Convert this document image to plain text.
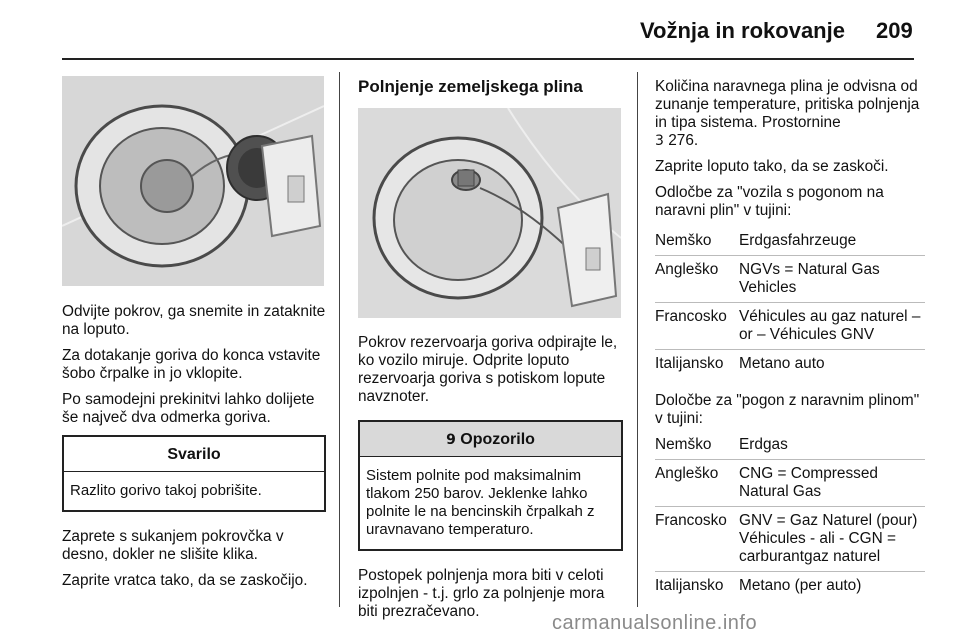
Vožnja in rokovanje 209

Odvijte pokrov, ga snemite in zataknite na loputo.

Za dotakanje goriva do konca vstavite šobo črpalke in jo vklopite.

Po samodejni prekinitvi lahko dolijete še največ dva odmerka goriva.

Svarilo
Razlito gorivo takoj pobrišite.

Zaprete s sukanjem pokrovčka v desno, dokler ne slišite klika.

Zaprite vratca tako, da se zaskočijo.

Polnjenje zemeljskega plina

Pokrov rezervoarja goriva odpirajte le, ko vozilo miruje. Odprite loputo rezervoarja goriva s potiskom lopute navznoter.

9 Opozorilo
Sistem polnite pod maksimalnim tlakom 250 barov. Jeklenke lahko polnite le na bencinskih črpalkah z uravnavano temperaturo.

Postopek polnjenja mora biti v celoti izpolnjen - t.j. grlo za polnjenje mora biti prezračevano.

Količina naravnega plina je odvisna od zunanje temperature, pritiska polnjenja in tipa sistema. Prostornine
3 276.

Zaprite loputo tako, da se zaskoči.

Odločbe za "vozila s pogonom na naravni plin" v tujini:

Nemško	Erdgasfahrzeuge
Angleško	NGVs = Natural Gas Vehicles
Francosko Véhicules au gaz naturel – or – Véhicules GNV
Italijansko	Metano auto

Določbe za "pogon z naravnim plinom" v tujini:

Nemško	Erdgas
Angleško	CNG = Compressed Natural Gas
Francosko GNV = Gaz Naturel (pour) Véhicules - ali - CGN = carburantgaz naturel
Italijansko	Metano (per auto)
carmanualsonline.info
